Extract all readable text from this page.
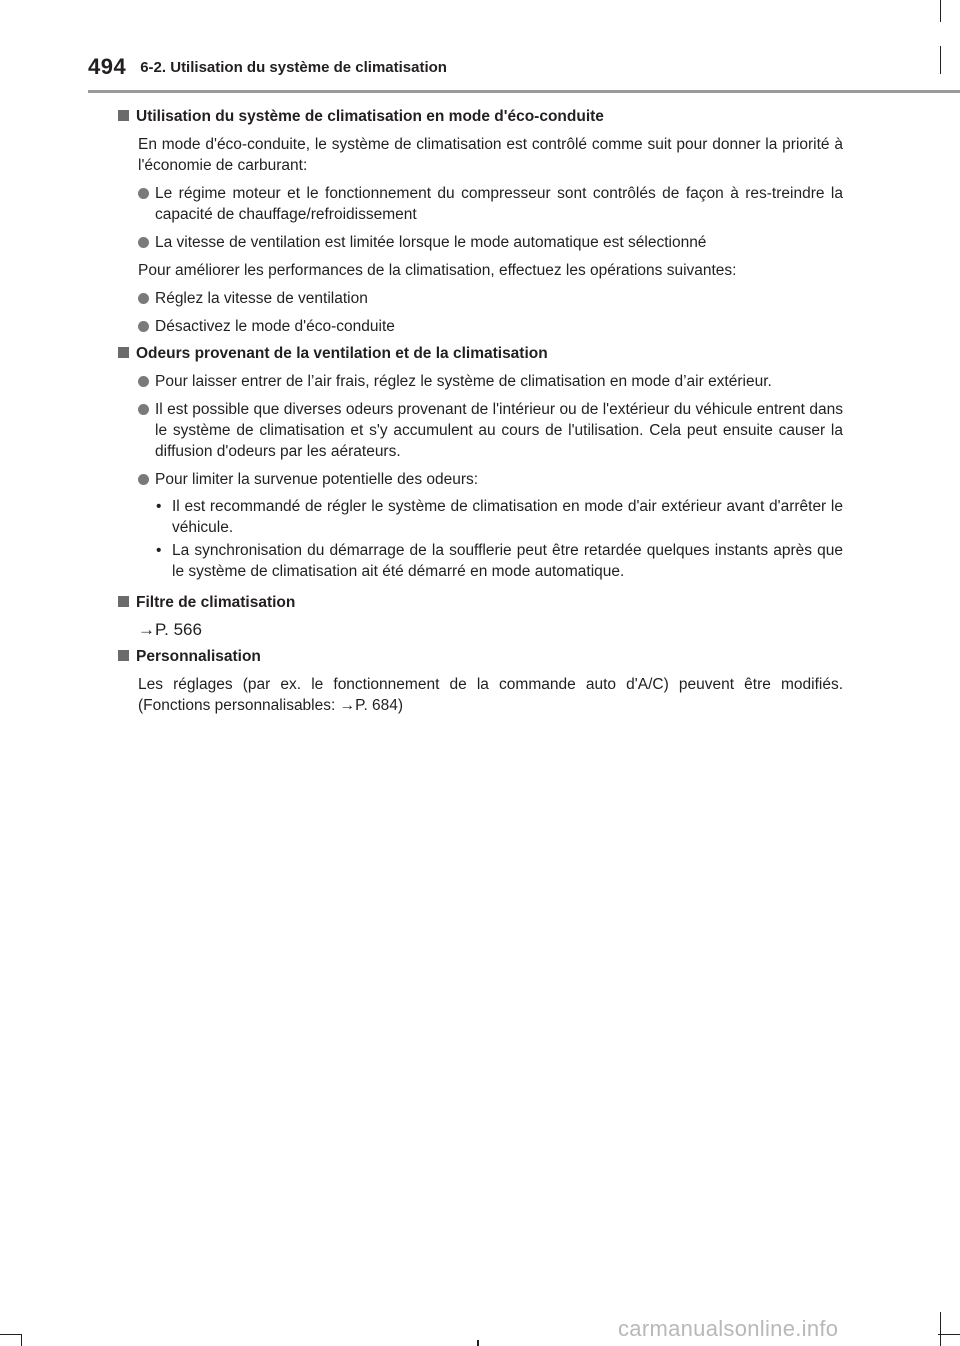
494 6-2. Utilisation du système de climatisation
Utilisation du système de climatisation en mode d'éco-conduite
En mode d'éco-conduite, le système de climatisation est contrôlé comme suit pour donner la priorité à l'économie de carburant:
Le régime moteur et le fonctionnement du compresseur sont contrôlés de façon à res-treindre la capacité de chauffage/refroidissement
La vitesse de ventilation est limitée lorsque le mode automatique est sélectionné
Pour améliorer les performances de la climatisation, effectuez les opérations suivantes:
Réglez la vitesse de ventilation
Désactivez le mode d'éco-conduite
Odeurs provenant de la ventilation et de la climatisation
Pour laisser entrer de l’air frais, réglez le système de climatisation en mode d’air extérieur.
Il est possible que diverses odeurs provenant de l'intérieur ou de l'extérieur du véhicule entrent dans le système de climatisation et s'y accumulent au cours de l'utilisation. Cela peut ensuite causer la diffusion d'odeurs par les aérateurs.
Pour limiter la survenue potentielle des odeurs:
• Il est recommandé de régler le système de climatisation en mode d'air extérieur avant d'arrêter le véhicule.
• La synchronisation du démarrage de la soufflerie peut être retardée quelques instants après que le système de climatisation ait été démarré en mode automatique.
Filtre de climatisation
→P. 566
Personnalisation
Les réglages (par ex. le fonctionnement de la commande auto d'A/C) peuvent être modifiés. (Fonctions personnalisables: →P. 684)
carmanualsonline.info
